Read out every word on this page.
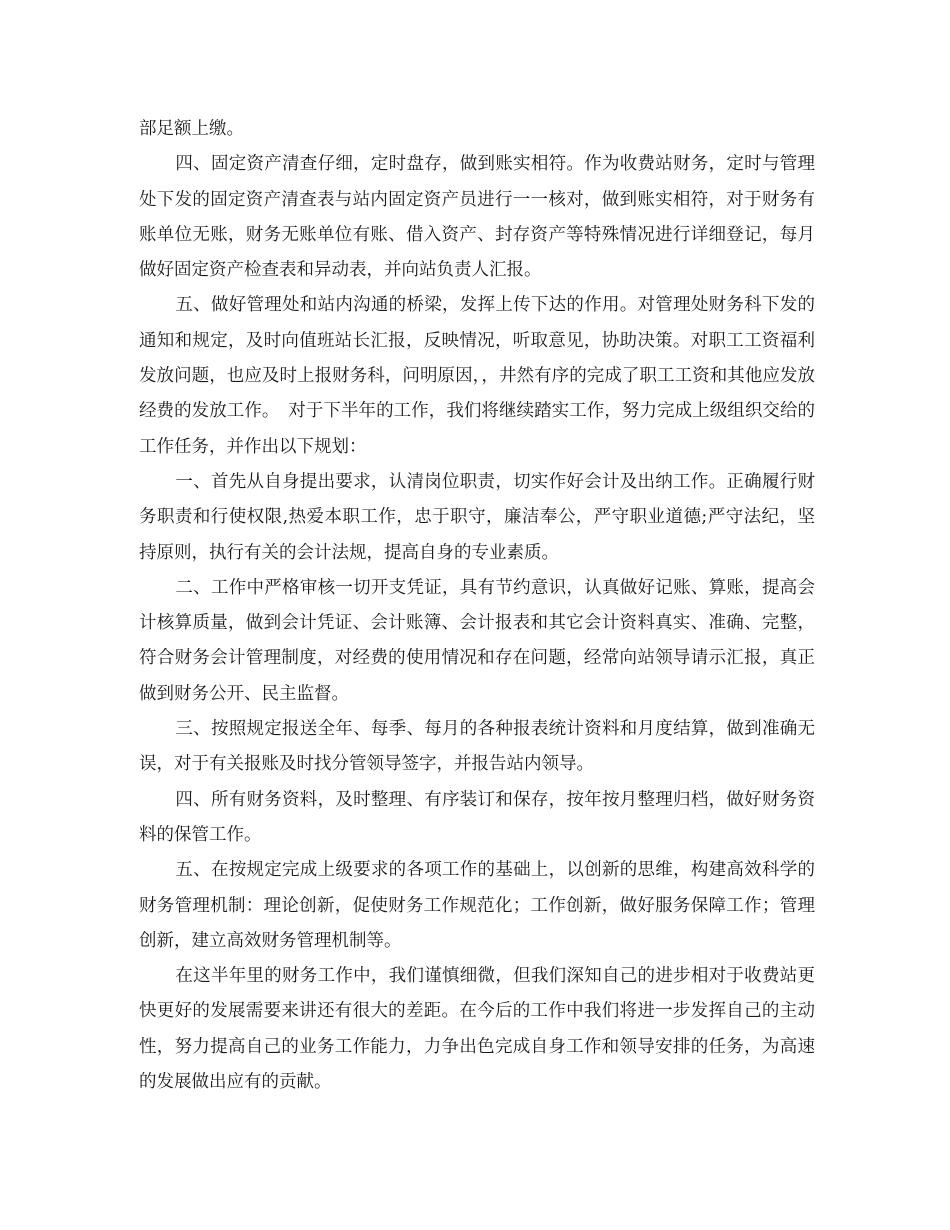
部足额上缴。

四、固定资产清查仔细，定时盘存，做到账实相符。作为收费站财务，定时与管理处下发的固定资产清查表与站内固定资产员进行一一核对，做到账实相符，对于财务有账单位无账，财务无账单位有账、借入资产、封存资产等特殊情况进行详细登记，每月做好固定资产检查表和异动表，并向站负责人汇报。

五、做好管理处和站内沟通的桥梁，发挥上传下达的作用。对管理处财务科下发的通知和规定，及时向值班站长汇报，反映情况，听取意见，协助决策。对职工工资福利发放问题，也应及时上报财务科，问明原因，，井然有序的完成了职工工资和其他应发放经费的发放工作。　对于下半年的工作，我们将继续踏实工作，努力完成上级组织交给的工作任务，并作出以下规划：

一、首先从自身提出要求，认清岗位职责，切实作好会计及出纳工作。正确履行财务职责和行使权限,热爱本职工作，忠于职守，廉洁奉公，严守职业道德;严守法纪，坚持原则，执行有关的会计法规，提高自身的专业素质。

二、工作中严格审核一切开支凭证，具有节约意识，认真做好记账、算账，提高会计核算质量，做到会计凭证、会计账簿、会计报表和其它会计资料真实、准确、完整，符合财务会计管理制度，对经费的使用情况和存在问题，经常向站领导请示汇报，真正做到财务公开、民主监督。

三、按照规定报送全年、每季、每月的各种报表统计资料和月度结算，做到准确无误，对于有关报账及时找分管领导签字，并报告站内领导。

四、所有财务资料，及时整理、有序装订和保存，按年按月整理归档，做好财务资料的保管工作。

五、在按规定完成上级要求的各项工作的基础上，以创新的思维，构建高效科学的财务管理机制：理论创新，促使财务工作规范化；工作创新，做好服务保障工作；管理创新，建立高效财务管理机制等。

在这半年里的财务工作中，我们谨慎细微，但我们深知自己的进步相对于收费站更快更好的发展需要来讲还有很大的差距。在今后的工作中我们将进一步发挥自己的主动性，努力提高自己的业务工作能力，力争出色完成自身工作和领导安排的任务，为高速的发展做出应有的贡献。
